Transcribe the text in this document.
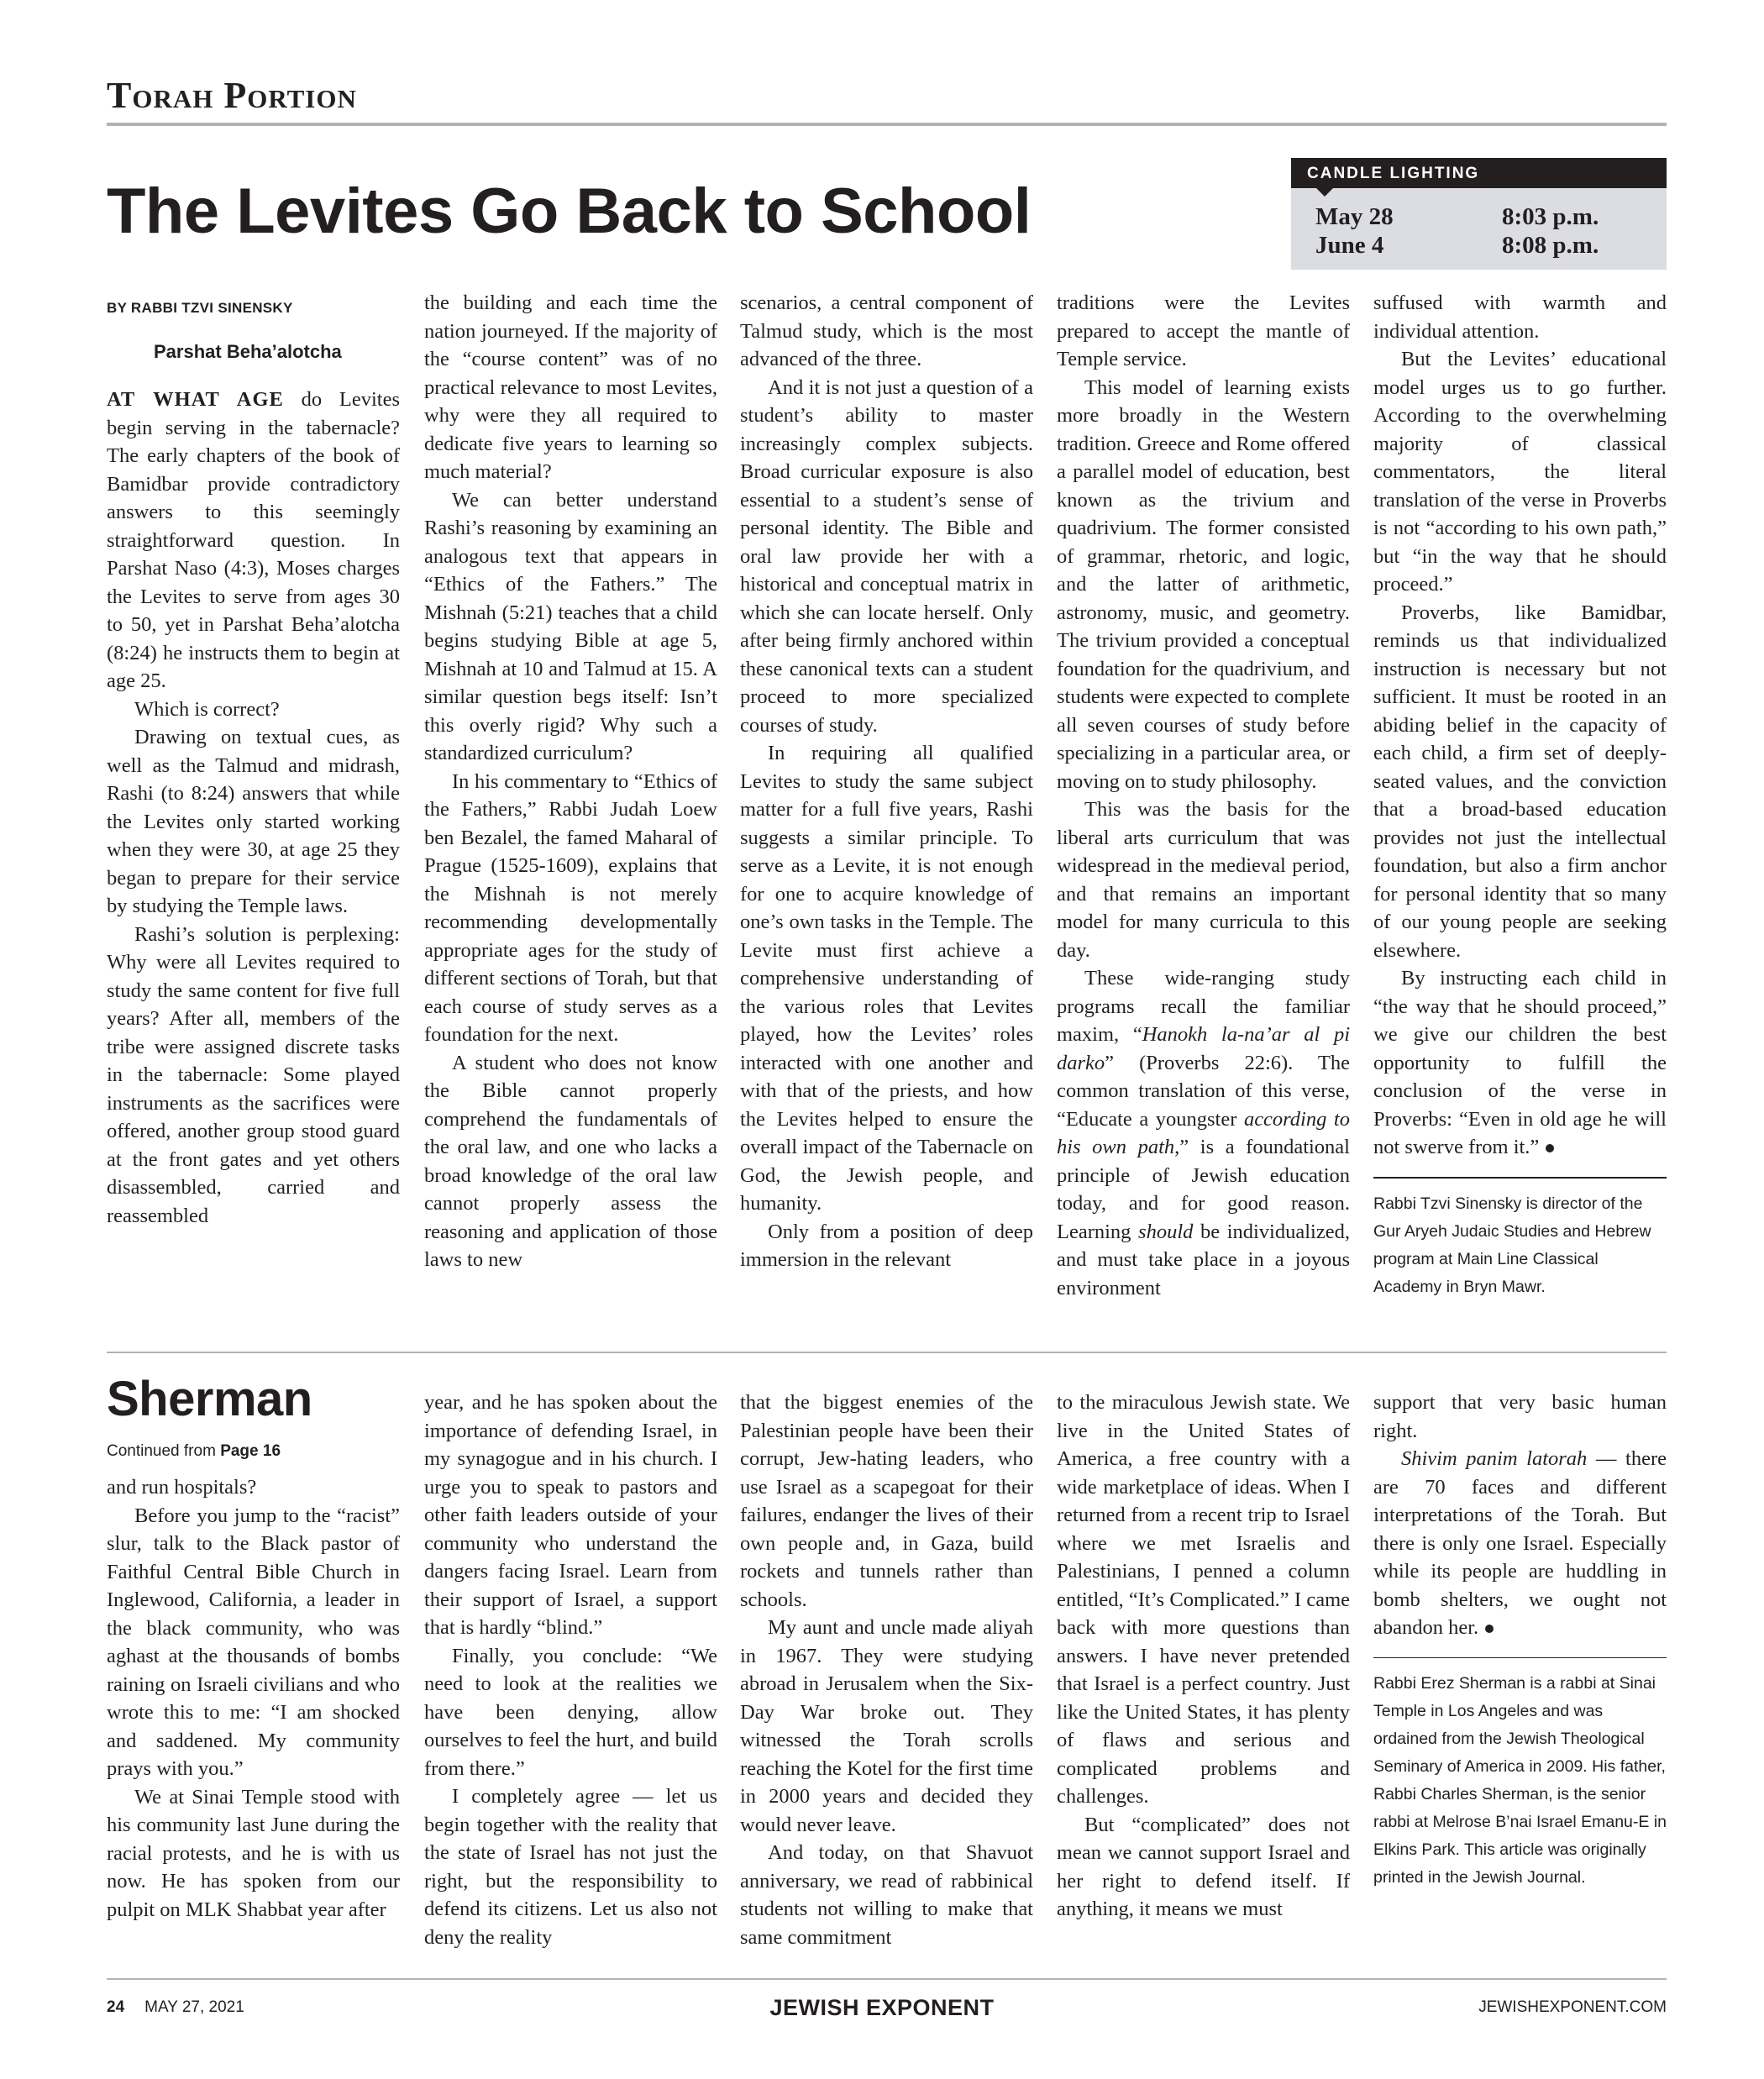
Torah Portion
The Levites Go Back to School
CANDLE LIGHTING
May 28	8:03 p.m.
June 4	8:08 p.m.
BY RABBI TZVI SINENSKY
Parshat Beha’alotcha

AT WHAT AGE do Levites begin serving in the tabernacle? The early chapters of the book of Bamidbar provide contradictory answers to this seemingly straightforward question. In Parshat Naso (4:3), Moses charges the Levites to serve from ages 30 to 50, yet in Parshat Beha’alotcha (8:24) he instructs them to begin at age 25.

Which is correct?

Drawing on textual cues, as well as the Talmud and midrash, Rashi (to 8:24) answers that while the Levites only started working when they were 30, at age 25 they began to prepare for their service by studying the Temple laws.

Rashi’s solution is perplexing: Why were all Levites required to study the same content for five full years? After all, members of the tribe were assigned discrete tasks in the tabernacle: Some played instruments as the sacrifices were offered, another group stood guard at the front gates and yet others disassembled, carried and reassembled

the building and each time the nation journeyed. If the majority of the “course content” was of no practical relevance to most Levites, why were they all required to dedicate five years to learning so much material?

We can better understand Rashi’s reasoning by examining an analogous text that appears in “Ethics of the Fathers.” The Mishnah (5:21) teaches that a child begins studying Bible at age 5, Mishnah at 10 and Talmud at 15. A similar question begs itself: Isn’t this overly rigid? Why such a standardized curriculum?

In his commentary to “Ethics of the Fathers,” Rabbi Judah Loew ben Bezalel, the famed Maharal of Prague (1525-1609), explains that the Mishnah is not merely recommending developmentally appropriate ages for the study of different sections of Torah, but that each course of study serves as a foundation for the next.

A student who does not know the Bible cannot properly comprehend the fundamentals of the oral law, and one who lacks a broad knowledge of the oral law cannot properly assess the reasoning and application of those laws to new

scenarios, a central component of Talmud study, which is the most advanced of the three.

And it is not just a question of a student’s ability to master increasingly complex subjects. Broad curricular exposure is also essential to a student’s sense of personal identity. The Bible and oral law provide her with a historical and conceptual matrix in which she can locate herself. Only after being firmly anchored within these canonical texts can a student proceed to more specialized courses of study.

In requiring all qualified Levites to study the same subject matter for a full five years, Rashi suggests a similar principle. To serve as a Levite, it is not enough for one to acquire knowledge of one’s own tasks in the Temple. The Levite must first achieve a comprehensive understanding of the various roles that Levites played, how the Levites’ roles interacted with one another and with that of the priests, and how the Levites helped to ensure the overall impact of the Tabernacle on God, the Jewish people, and humanity.

Only from a position of deep immersion in the relevant

traditions were the Levites prepared to accept the mantle of Temple service.

This model of learning exists more broadly in the Western tradition. Greece and Rome offered a parallel model of education, best known as the trivium and quadrivium. The former consisted of grammar, rhetoric, and logic, and the latter of arithmetic, astronomy, music, and geometry. The trivium provided a conceptual foundation for the quadrivium, and students were expected to complete all seven courses of study before specializing in a particular area, or moving on to study philosophy.

This was the basis for the liberal arts curriculum that was widespread in the medieval period, and that remains an important model for many curricula to this day.

These wide-ranging study programs recall the familiar maxim, “Hanokh la-na’ar al pi darko” (Proverbs 22:6). The common translation of this verse, “Educate a youngster according to his own path,” is a foundational principle of Jewish education today, and for good reason. Learning should be individualized, and must take place in a joyous environment

suffused with warmth and individual attention.

But the Levites’ educational model urges us to go further. According to the overwhelming majority of classical commentators, the literal translation of the verse in Proverbs is not “according to his own path,” but “in the way that he should proceed.”

Proverbs, like Bamidbar, reminds us that individualized instruction is necessary but not sufficient. It must be rooted in an abiding belief in the capacity of each child, a firm set of deeply-seated values, and the conviction that a broad-based education provides not just the intellectual foundation, but also a firm anchor for personal identity that so many of our young people are seeking elsewhere.

By instructing each child in “the way that he should proceed,” we give our children the best opportunity to fulfill the conclusion of the verse in Proverbs: “Even in old age he will not swerve from it.”

Rabbi Tzvi Sinensky is director of the Gur Aryeh Judaic Studies and Hebrew program at Main Line Classical Academy in Bryn Mawr.
Sherman
Continued from Page 16

and run hospitals?

Before you jump to the “racist” slur, talk to the Black pastor of Faithful Central Bible Church in Inglewood, California, a leader in the black community, who was aghast at the thousands of bombs raining on Israeli civilians and who wrote this to me: “I am shocked and saddened. My community prays with you.”

We at Sinai Temple stood with his community last June during the racial protests, and he is with us now. He has spoken from our pulpit on MLK Shabbat year after

year, and he has spoken about the importance of defending Israel, in my synagogue and in his church. I urge you to speak to pastors and other faith leaders outside of your community who understand the dangers facing Israel. Learn from their support of Israel, a support that is hardly “blind.”

Finally, you conclude: “We need to look at the realities we have been denying, allow ourselves to feel the hurt, and build from there.”

I completely agree — let us begin together with the reality that the state of Israel has not just the right, but the responsibility to defend its citizens. Let us also not deny the reality

that the biggest enemies of the Palestinian people have been their corrupt, Jew-hating leaders, who use Israel as a scapegoat for their failures, endanger the lives of their own people and, in Gaza, build rockets and tunnels rather than schools.

My aunt and uncle made aliyah in 1967. They were studying abroad in Jerusalem when the Six-Day War broke out. They witnessed the Torah scrolls reaching the Kotel for the first time in 2000 years and decided they would never leave.

And today, on that Shavuot anniversary, we read of rabbinical students not willing to make that same commitment

to the miraculous Jewish state. We live in the United States of America, a free country with a wide marketplace of ideas. When I returned from a recent trip to Israel where we met Israelis and Palestinians, I penned a column entitled, “It’s Complicated.” I came back with more questions than answers. I have never pretended that Israel is a perfect country. Just like the United States, it has plenty of flaws and serious and complicated problems and challenges.

But “complicated” does not mean we cannot support Israel and her right to defend itself. If anything, it means we must

support that very basic human right.

Shivim panim latorah — there are 70 faces and different interpretations of the Torah. But there is only one Israel. Especially while its people are huddling in bomb shelters, we ought not abandon her.

Rabbi Erez Sherman is a rabbi at Sinai Temple in Los Angeles and was ordained from the Jewish Theological Seminary of America in 2009. His father, Rabbi Charles Sherman, is the senior rabbi at Melrose B’nai Israel Emanu-E in Elkins Park. This article was originally printed in the Jewish Journal.
24 MAY 27, 2021	JEWISH EXPONENT	JEWISHEXPONENT.COM
